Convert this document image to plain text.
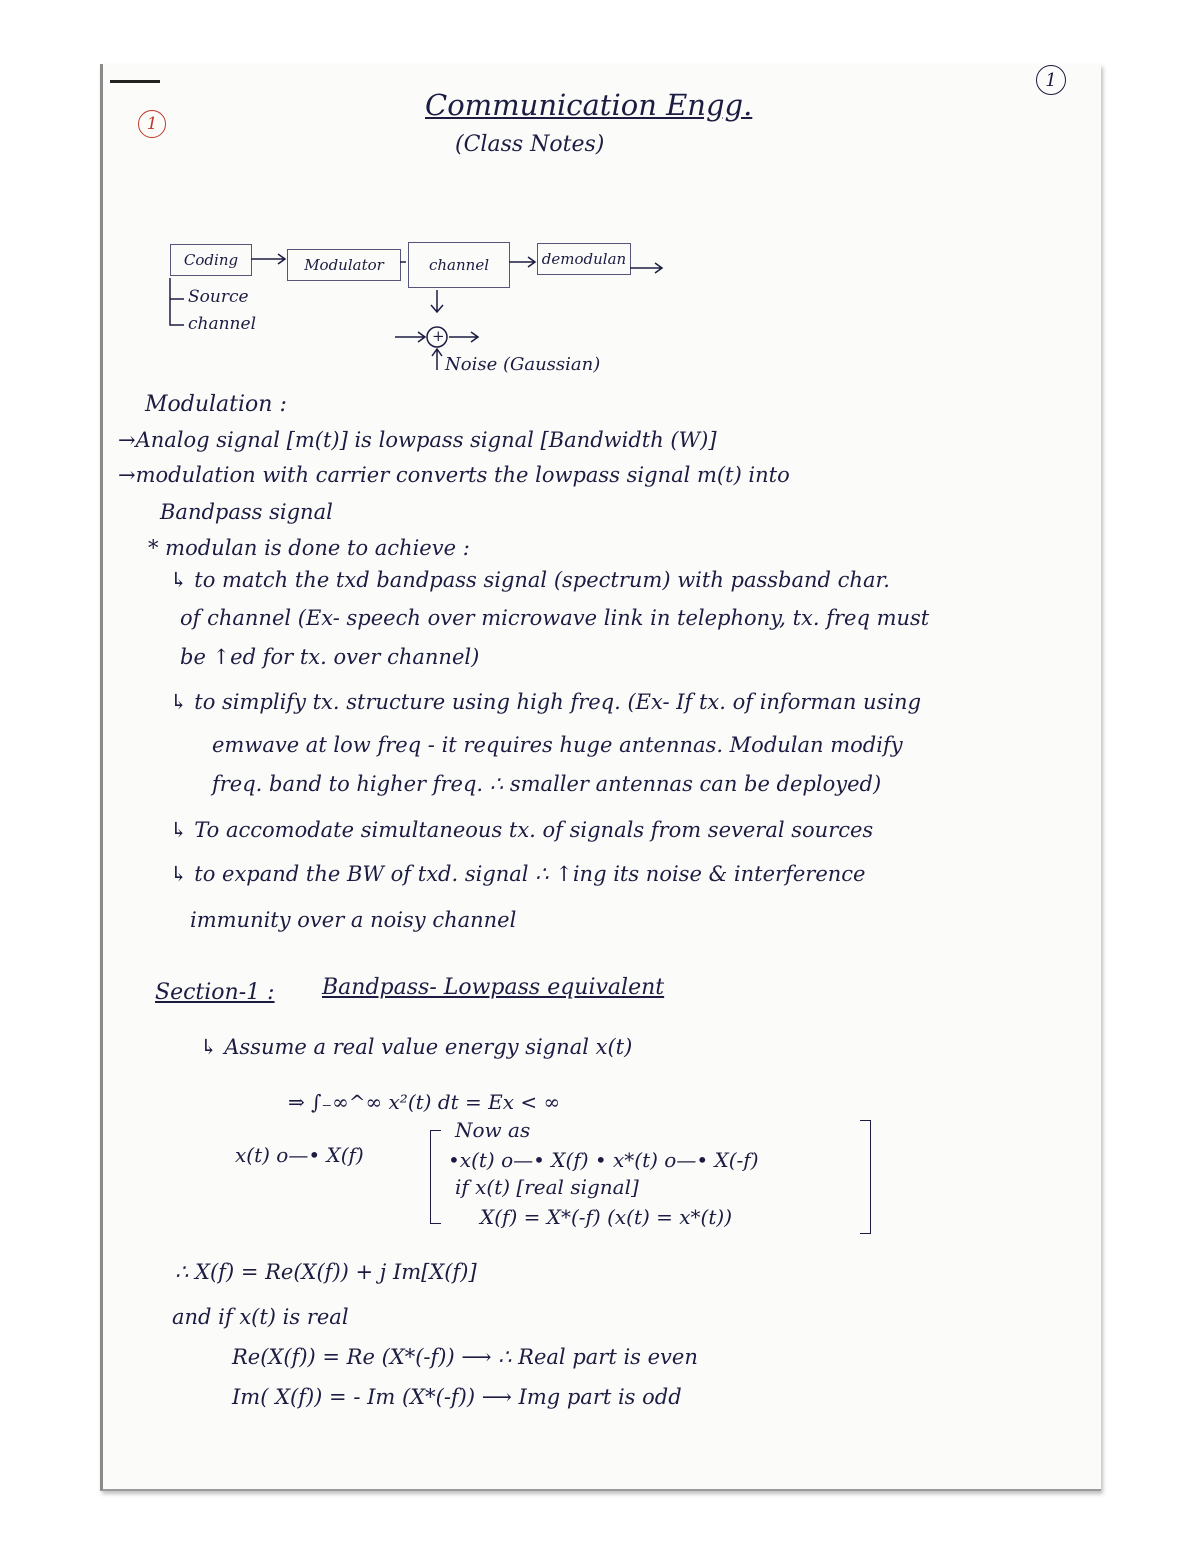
1
1
Communication Engg.
(Class Notes)
Coding	Modulator	channel	demodulan
+
Source
channel
Noise (Gaussian)
Modulation :
→Analog signal [m(t)] is lowpass signal [Bandwidth (W)]
→modulation with carrier converts the lowpass signal m(t) into
Bandpass signal
* modulan is done to achieve :
↳ to match the txd bandpass signal (spectrum) with passband char.
of channel (Ex- speech over microwave link in telephony, tx. freq must
be ↑ed for tx. over channel)
↳ to simplify tx. structure using high freq. (Ex- If tx. of informan using
emwave at low freq - it requires huge antennas. Modulan modify
freq. band to higher freq. ∴ smaller antennas can be deployed)
↳ To accomodate simultaneous tx. of signals from several sources
↳ to expand the BW of txd. signal ∴ ↑ing its noise & interference
immunity over a noisy channel
Section-1 : Bandpass- Lowpass equivalent
↳ Assume a real value energy signal x(t)
⇒ ∫₋∞^∞ x²(t) dt = Ex < ∞
x(t) o—• X(f)
Now as
•x(t) o—• X(f) • x*(t) o—• X(-f)
if x(t) [real signal]
X(f) = X*(-f) (x(t) = x*(t))
∴ X(f) = Re(X(f)) + j Im[X(f)]
and if x(t) is real
Re(X(f)) = Re (X*(-f)) ⟶ ∴ Real part is even
Im( X(f)) = - Im (X*(-f)) ⟶ Img part is odd
